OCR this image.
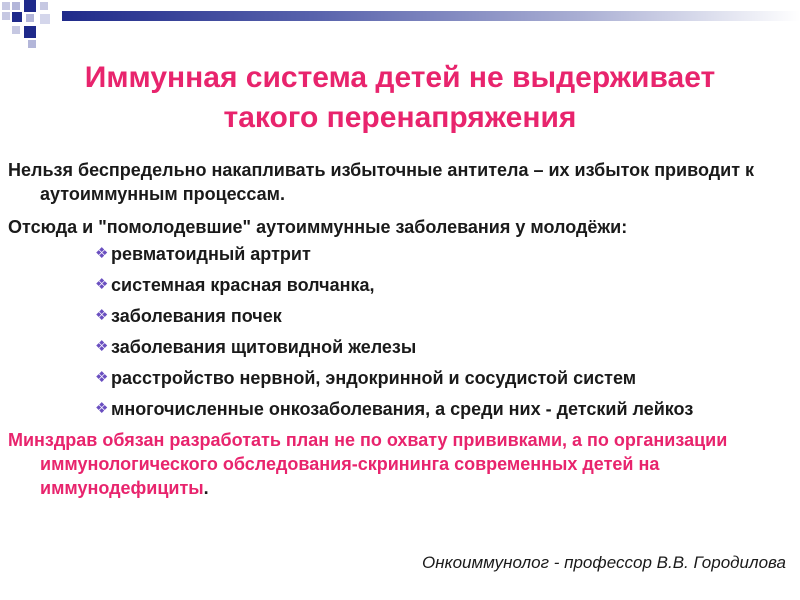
Иммунная система детей не выдерживает такого перенапряжения

Нельзя беспредельно накапливать избыточные антитела – их избыток приводит к аутоиммунным процессам.

Отсюда и "помолодевшие" аутоиммунные заболевания у молодёжи:

❖ ревматоидный артрит
❖ системная красная волчанка,
❖ заболевания почек
❖ заболевания щитовидной железы
❖ расстройство нервной, эндокринной и сосудистой систем
❖ многочисленные онкозаболевания, а среди них - детский лейкоз

Минздрав обязан разработать план не по охвату прививками, а по организации иммунологического обследования-скрининга современных детей на иммунодефициты.

Онкоиммунолог - профессор В.В. Городилова
